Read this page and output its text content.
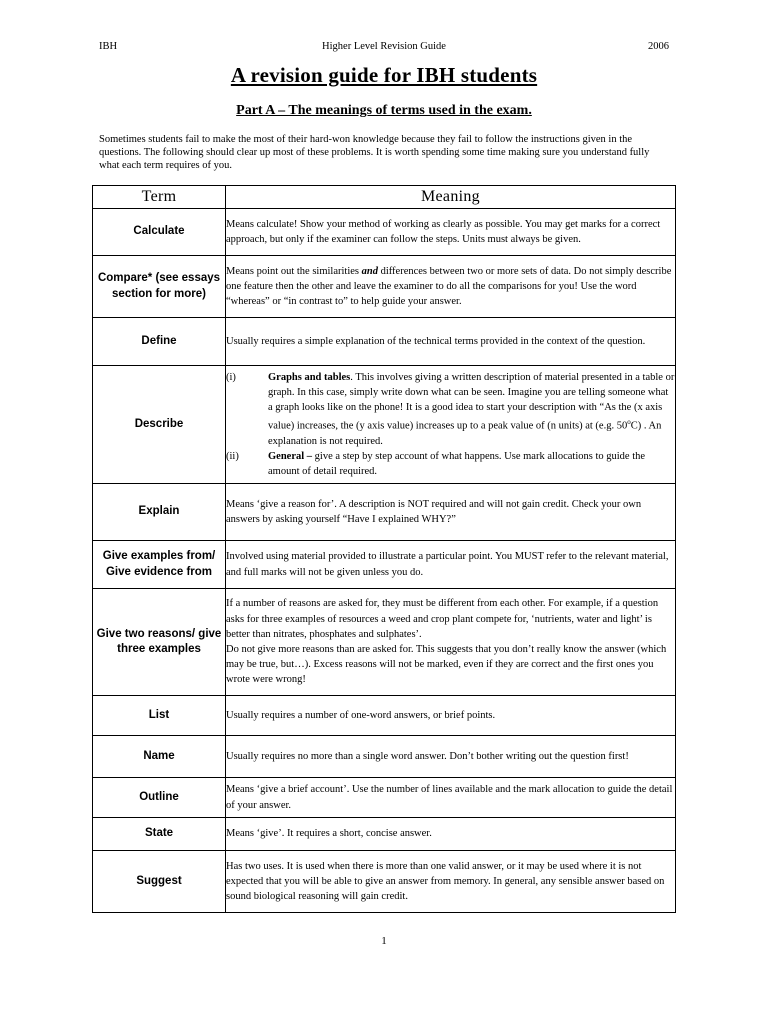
IBH	Higher Level Revision Guide	2006
A revision guide for IBH students
Part A – The meanings of terms used in the exam.
Sometimes students fail to make the most of their hard-won knowledge because they fail to follow the instructions given in the questions. The following should clear up most of these problems. It is worth spending some time making sure you understand fully what each term requires of you.
Term	Meaning
Calculate	Means calculate! Show your method of working as clearly as possible. You may get marks for a correct approach, but only if the examiner can follow the steps. Units must always be given.
Compare* (see essays section for more)	Means point out the similarities and differences between two or more sets of data. Do not simply describe one feature then the other and leave the examiner to do all the comparisons for you! Use the word “whereas” or “in contrast to” to help guide your answer.
Define	Usually requires a simple explanation of the technical terms provided in the context of the question.
Describe	(i) Graphs and tables. This involves giving a written description of material presented in a table or graph. In this case, simply write down what can be seen. Imagine you are telling someone what a graph looks like on the phone! It is a good idea to start your description with “As the (x axis value) increases, the (y axis value) increases up to a peak value of (n units) at (e.g. 50$^o$C) . An explanation is not required.
(ii) General – give a step by step account of what happens. Use mark allocations to guide the amount of detail required.

Explain	Means ‘give a reason for’. A description is NOT required and will not gain credit. Check your own answers by asking yourself “Have I explained WHY?”
Give examples from/ Give evidence from	Involved using material provided to illustrate a particular point. You MUST refer to the relevant material, and full marks will not be given unless you do.
Give two reasons/ give three examples	If a number of reasons are asked for, they must be different from each other. For example, if a question asks for three examples of resources a weed and crop plant compete for, ‘nutrients, water and light’ is better than nitrates, phosphates and sulphates’.
Do not give more reasons than are asked for. This suggests that you don’t really know the answer (which may be true, but…). Excess reasons will not be marked, even if they are correct and the first ones you wrote were wrong!

List	Usually requires a number of one-word answers, or brief points.
Name	Usually requires no more than a single word answer. Don’t bother writing out the question first!
Outline	Means ‘give a brief account’. Use the number of lines available and the mark allocation to guide the detail of your answer.
State	Means ‘give’. It requires a short, concise answer.
Suggest	Has two uses. It is used when there is more than one valid answer, or it may be used where it is not expected that you will be able to give an answer from memory. In general, any sensible answer based on sound biological reasoning will gain credit.
1
